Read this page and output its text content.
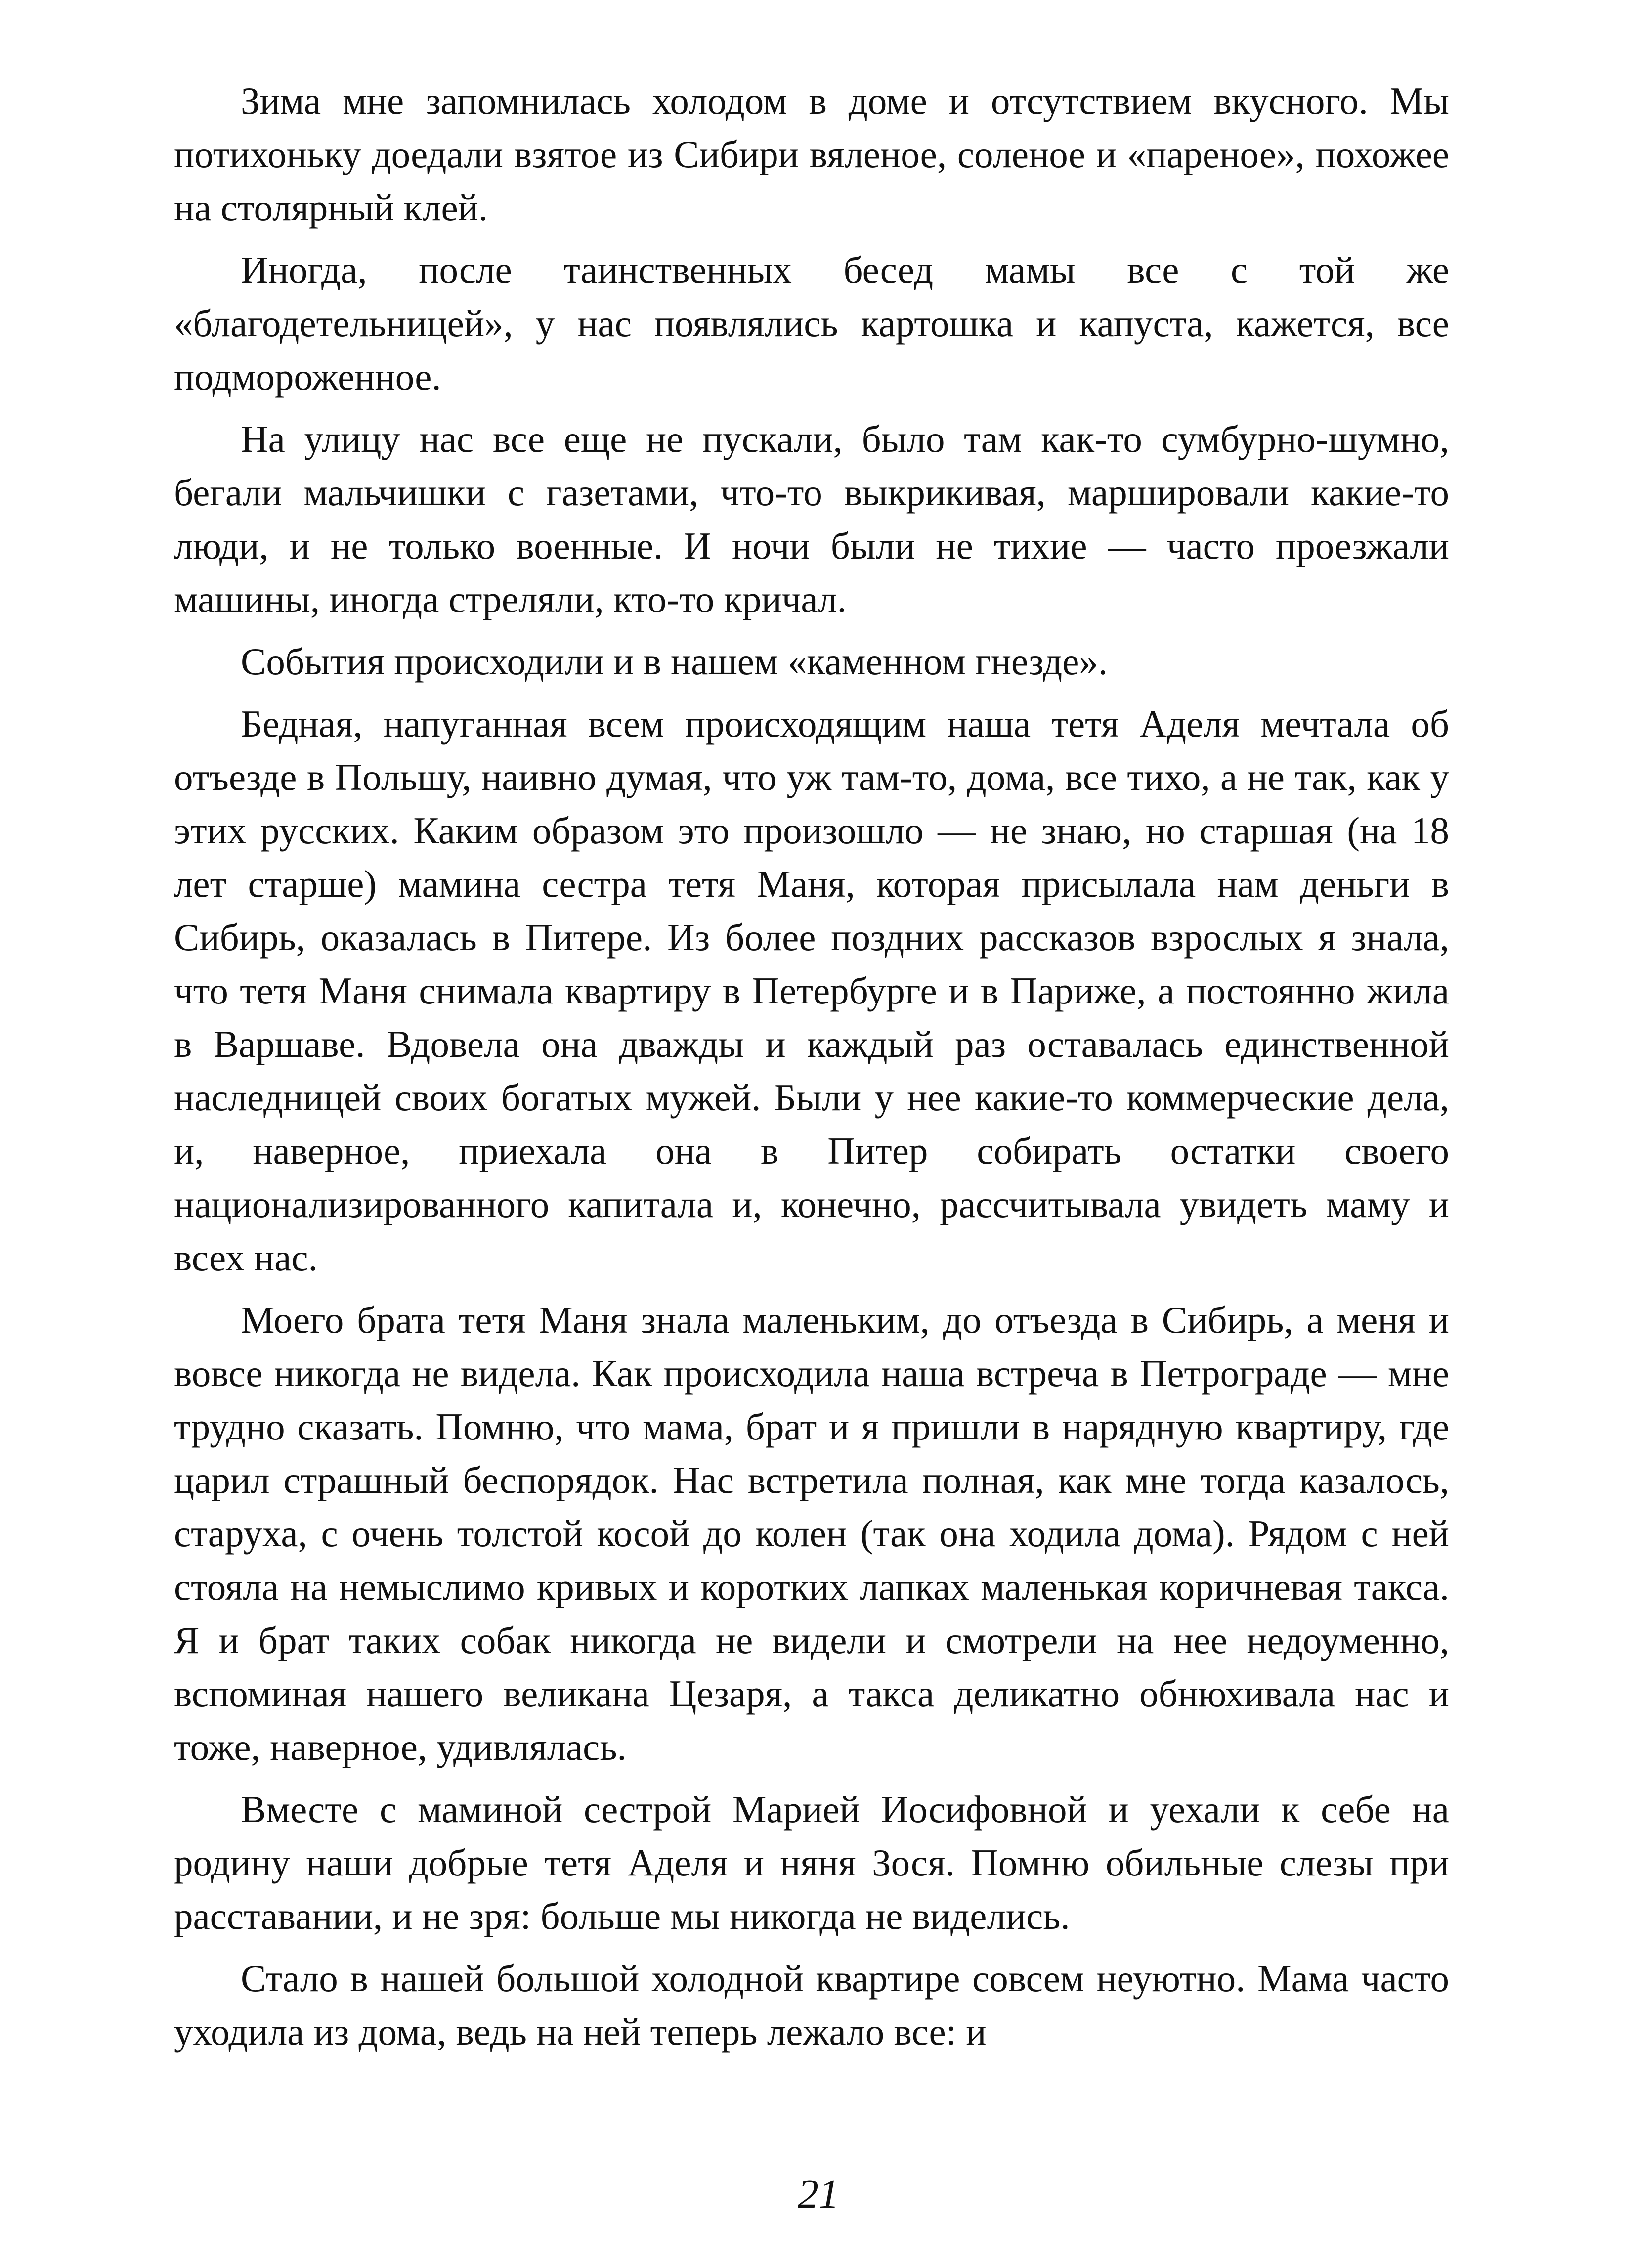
Зима мне запомнилась холодом в доме и отсутствием вкусного. Мы потихоньку доедали взятое из Сибири вяленое, соленое и «пареное», похожее на столярный клей.

Иногда, после таинственных бесед мамы все с той же «благодетельницей», у нас появлялись картошка и капуста, кажется, все подмороженное.

На улицу нас все еще не пускали, было там как-то сумбурно-шумно, бегали мальчишки с газетами, что-то выкрикивая, маршировали какие-то люди, и не только военные. И ночи были не тихие — часто проезжали машины, иногда стреляли, кто-то кричал.

События происходили и в нашем «каменном гнезде».

Бедная, напуганная всем происходящим наша тетя Аделя мечтала об отъезде в Польшу, наивно думая, что уж там-то, дома, все тихо, а не так, как у этих русских. Каким образом это произошло — не знаю, но старшая (на 18 лет старше) мамина сестра тетя Маня, которая присылала нам деньги в Сибирь, оказалась в Питере. Из более поздних рассказов взрослых я знала, что тетя Маня снимала квартиру в Петербурге и в Париже, а постоянно жила в Варшаве. Вдовела она дважды и каждый раз оставалась единственной наследницей своих богатых мужей. Были у нее какие-то коммерческие дела, и, наверное, приехала она в Питер собирать остатки своего национализированного капитала и, конечно, рассчитывала увидеть маму и всех нас.

Моего брата тетя Маня знала маленьким, до отъезда в Сибирь, а меня и вовсе никогда не видела. Как происходила наша встреча в Петрограде — мне трудно сказать. Помню, что мама, брат и я пришли в нарядную квартиру, где царил страшный беспорядок. Нас встретила полная, как мне тогда казалось, старуха, с очень толстой косой до колен (так она ходила дома). Рядом с ней стояла на немыслимо кривых и коротких лапках маленькая коричневая такса. Я и брат таких собак никогда не видели и смотрели на нее недоуменно, вспоминая нашего великана Цезаря, а такса деликатно обнюхивала нас и тоже, наверное, удивлялась.

Вместе с маминой сестрой Марией Иосифовной и уехали к себе на родину наши добрые тетя Аделя и няня Зося. Помню обильные слезы при расставании, и не зря: больше мы никогда не виделись.

Стало в нашей большой холодной квартире совсем неуютно. Мама часто уходила из дома, ведь на ней теперь лежало все: и

21
